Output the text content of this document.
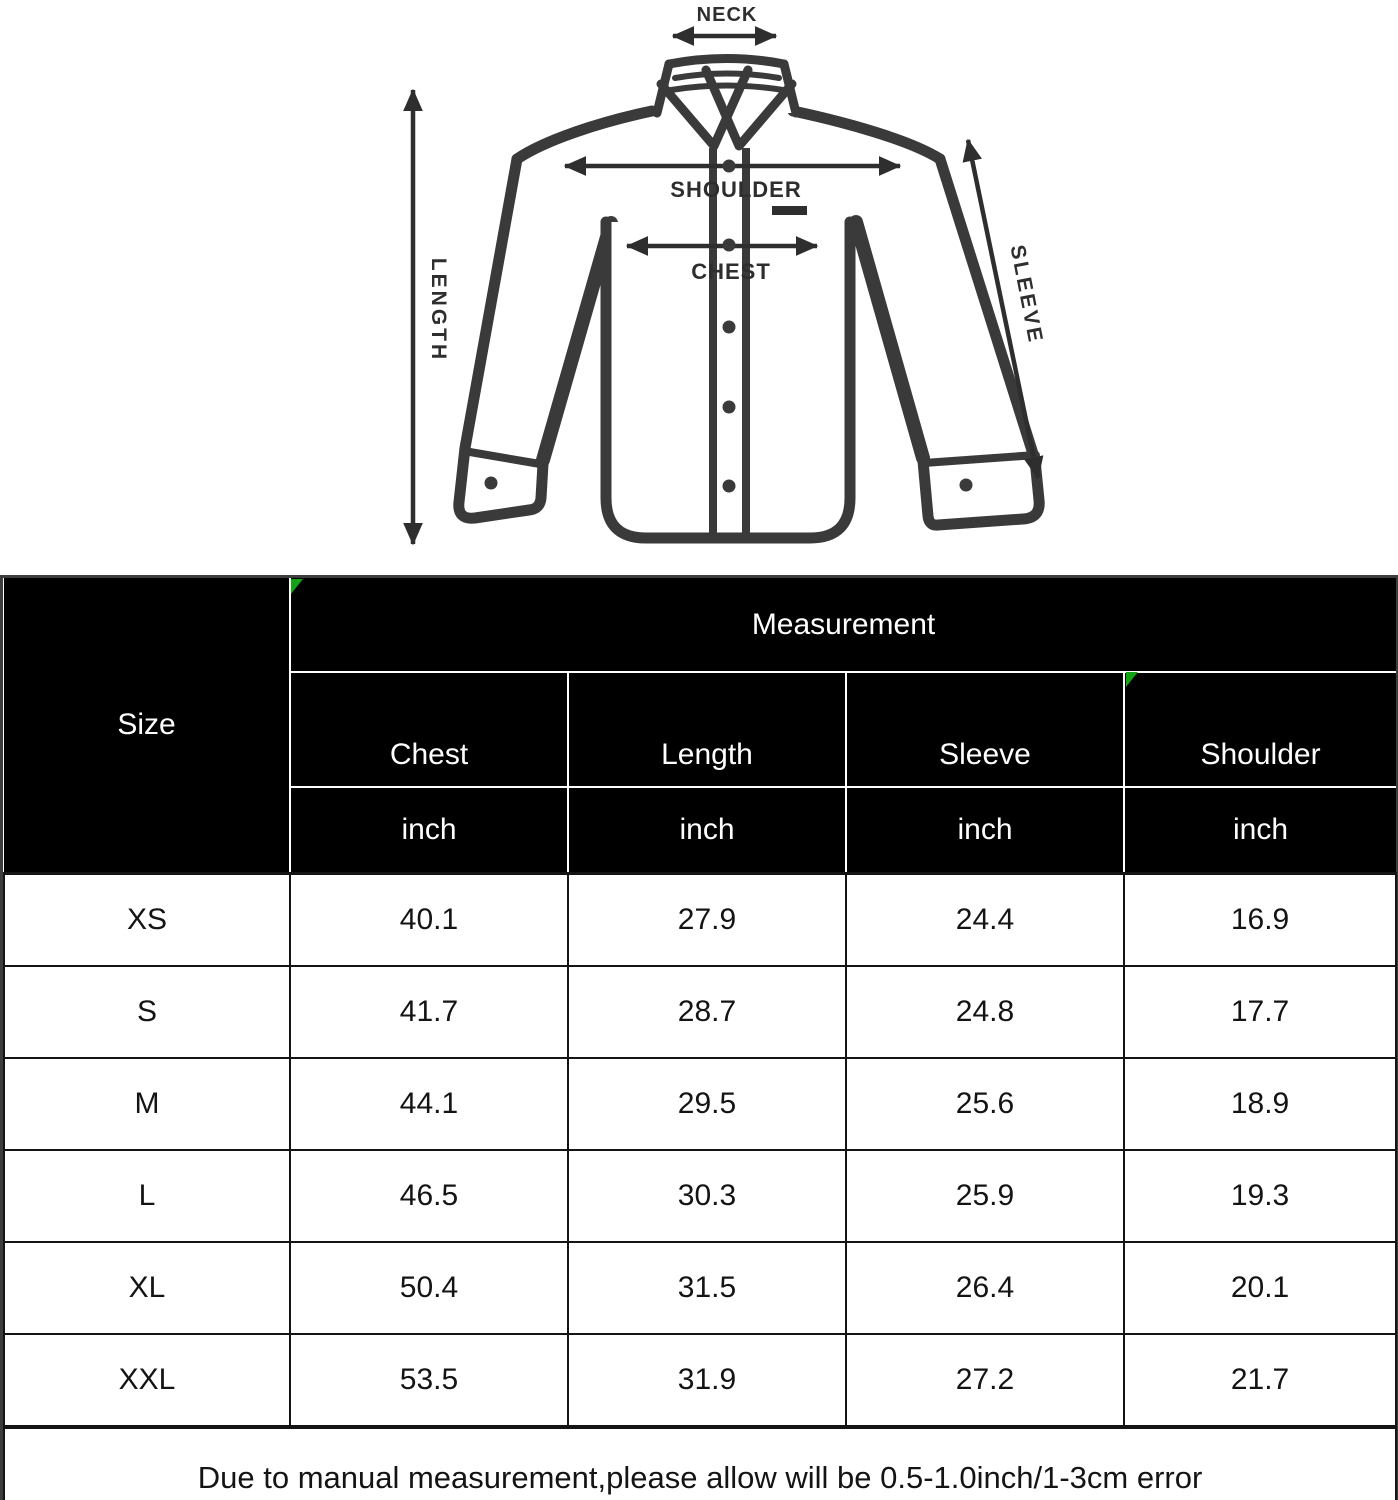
NECK
SHOULDER
CHEST
LENGTH	SLEEVE
Size	Measurement			
	Chest	Length	Sleeve	Shoulder
	inch	inch	inch	inch
XS	40.1	27.9	24.4	16.9
S	41.7	28.7	24.8	17.7
M	44.1	29.5	25.6	18.9
L	46.5	30.3	25.9	19.3
XL	50.4	31.5	26.4	20.1
XXL	53.5	31.9	27.2	21.7
Due to manual measurement,please allow will be 0.5-1.0inch/1-3cm error				
